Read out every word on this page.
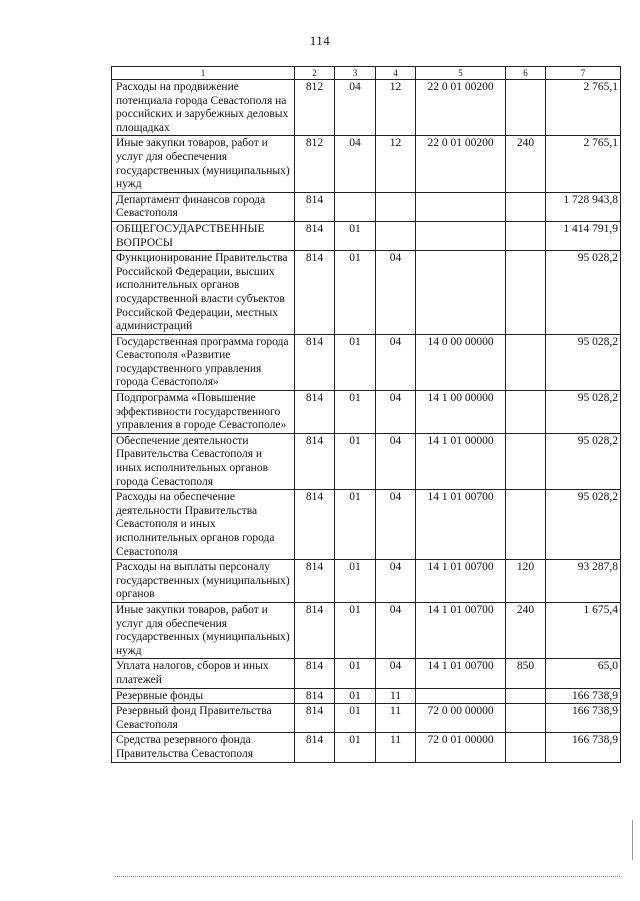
114
1	2	3	4	5	6	7
Расходы на продвижение потенциала города Севастополя на российских и зарубежных деловых площадках	812	04	12	22 0 01 00200		2 765,1
Иные закупки товаров, работ и услуг для обеспечения государственных (муниципальных) нужд	812	04	12	22 0 01 00200	240	2 765,1
Департамент финансов города Севастополя	814					1 728 943,8
ОБЩЕГОСУДАРСТВЕННЫЕ ВОПРОСЫ	814	01				1 414 791,9
Функционирование Правительства Российской Федерации, высших исполнительных органов государственной власти субъектов Российской Федерации, местных администраций	814	01	04			95 028,2
Государственная программа города Севастополя «Развитие государственного управления города Севастополя»	814	01	04	14 0 00 00000		95 028,2
Подпрограмма «Повышение эффективности государственного управления в городе Севастополе»	814	01	04	14 1 00 00000		95 028,2
Обеспечение деятельности Правительства Севастополя и иных исполнительных органов города Севастополя	814	01	04	14 1 01 00000		95 028,2
Расходы на обеспечение деятельности Правительства Севастополя и иных исполнительных органов города Севастополя	814	01	04	14 1 01 00700		95 028,2
Расходы на выплаты персоналу государственных (муниципальных) органов	814	01	04	14 1 01 00700	120	93 287,8
Иные закупки товаров, работ и услуг для обеспечения государственных (муниципальных) нужд	814	01	04	14 1 01 00700	240	1 675,4
Уплата налогов, сборов и иных платежей	814	01	04	14 1 01 00700	850	65,0
Резервные фонды	814	01	11			166 738,9
Резервный фонд Правительства Севастополя	814	01	11	72 0 00 00000		166 738,9
Средства резервного фонда Правительства Севастополя	814	01	11	72 0 01 00000		166 738,9
